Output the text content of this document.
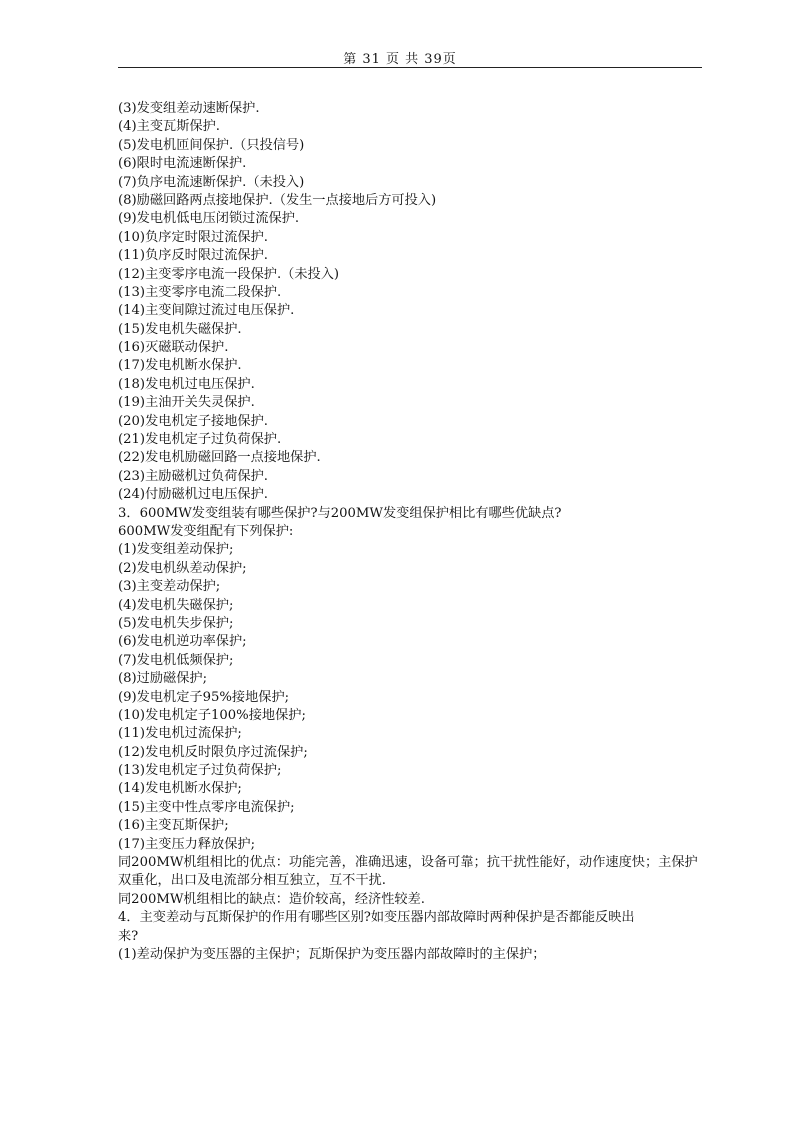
第 31 页 共 39页
(3)发变组差动速断保护.
(4)主变瓦斯保护.
(5)发电机匝间保护.（只投信号)
(6)限时电流速断保护.
(7)负序电流速断保护.（未投入)
(8)励磁回路两点接地保护.（发生一点接地后方可投入)
(9)发电机低电压闭锁过流保护.
(10)负序定时限过流保护.
(11)负序反时限过流保护.
(12)主变零序电流一段保护.（未投入)
(13)主变零序电流二段保护.
(14)主变间隙过流过电压保护.
(15)发电机失磁保护.
(16)灭磁联动保护.
(17)发电机断水保护.
(18)发电机过电压保护.
(19)主油开关失灵保护.
(20)发电机定子接地保护.
(21)发电机定子过负荷保护.
(22)发电机励磁回路一点接地保护.
(23)主励磁机过负荷保护.
(24)付励磁机过电压保护.
3．600MW发变组装有哪些保护?与200MW发变组保护相比有哪些优缺点?
600MW发变组配有下列保护:
(1)发变组差动保护;
(2)发电机纵差动保护;
(3)主变差动保护;
(4)发电机失磁保护;
(5)发电机失步保护;
(6)发电机逆功率保护;
(7)发电机低频保护;
(8)过励磁保护;
(9)发电机定子95%接地保护;
(10)发电机定子100%接地保护;
(11)发电机过流保护;
(12)发电机反时限负序过流保护;
(13)发电机定子过负荷保护;
(14)发电机断水保护;
(15)主变中性点零序电流保护;
(16)主变瓦斯保护;
(17)主变压力释放保护;
同200MW机组相比的优点：功能完善，准确迅速，设备可靠；抗干扰性能好，动作速度快；主保护双重化，出口及电流部分相互独立，互不干扰.
同200MW机组相比的缺点：造价较高，经济性较差.
4．主变差动与瓦斯保护的作用有哪些区别?如变压器内部故障时两种保护是否都能反映出来?
(1)差动保护为变压器的主保护；瓦斯保护为变压器内部故障时的主保护；
